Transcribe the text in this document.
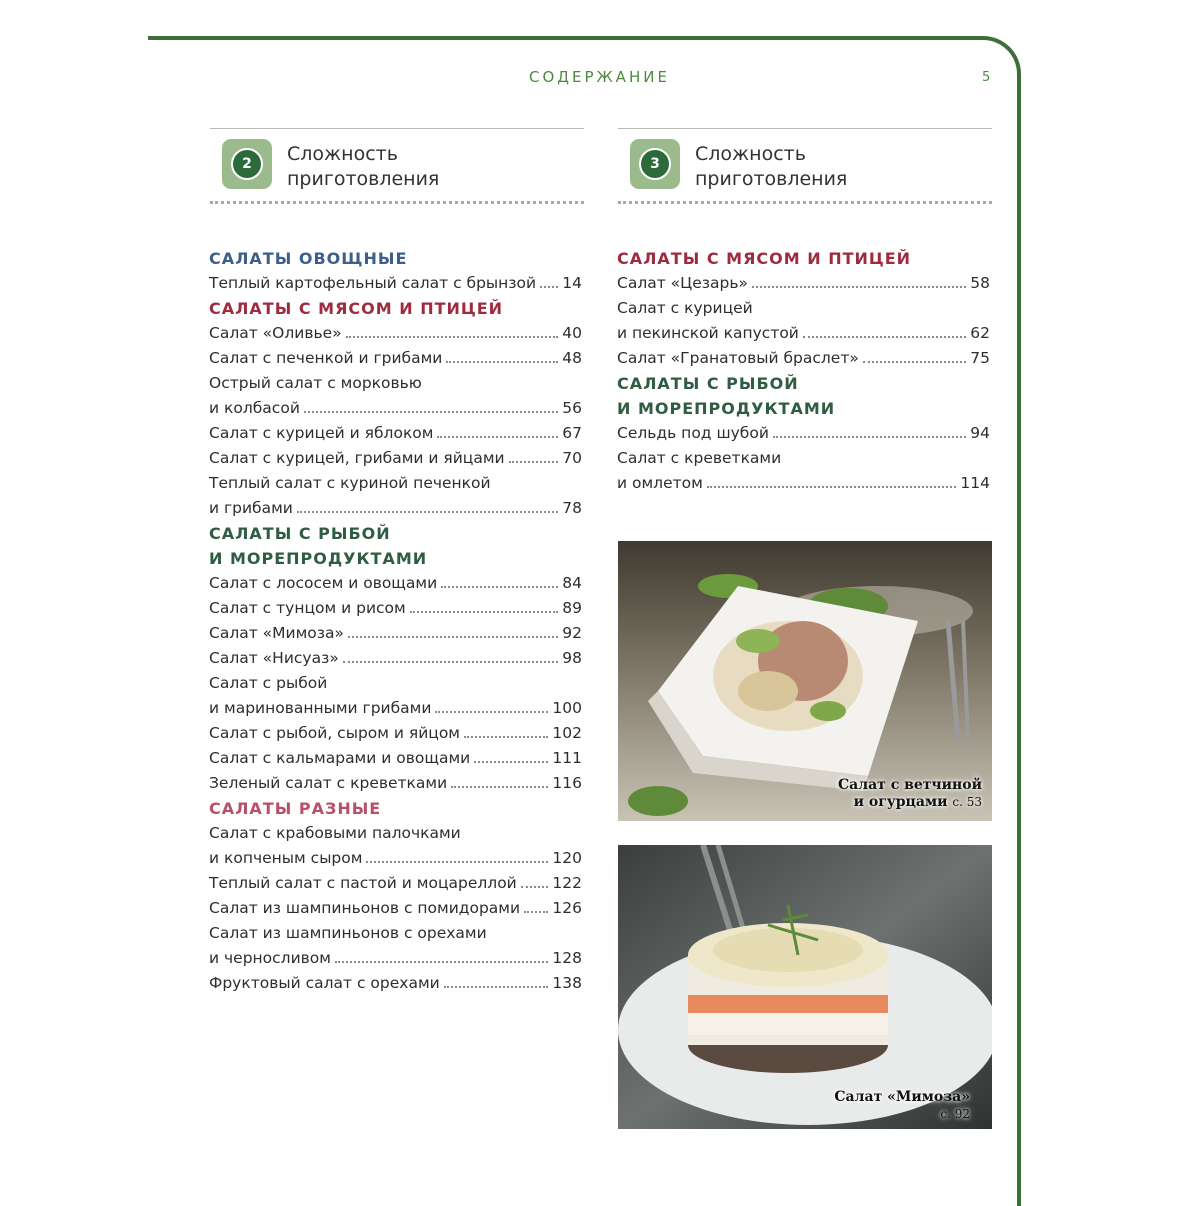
СОДЕРЖАНИЕ	5
2	Сложность
приготовления
3	Сложность
приготовления
САЛАТЫ ОВОЩНЫЕ
Теплый картофельный салат с брынзой 14
САЛАТЫ С МЯСОМ И ПТИЦЕЙ
Салат «Оливье»	40
Салат с печенкой и грибами	48
Острый салат с морковью
и колбасой	56
Салат с курицей и яблоком	67
Салат с курицей, грибами и яйцами	70
Теплый салат с куриной печенкой
и грибами	78
САЛАТЫ С РЫБОЙ
И МОРЕПРОДУКТАМИ
Салат с лососем и овощами	84
Салат с тунцом и рисом	89
Салат «Мимоза»	92
Салат «Нисуаз»	98
Салат с рыбой
и маринованными грибами	100
Салат с рыбой, сыром и яйцом	102
Салат с кальмарами и овощами	111
Зеленый салат с креветками	116
САЛАТЫ РАЗНЫЕ
Салат с крабовыми палочками
и копченым сыром	120
Теплый салат с пастой и моцареллой 122
Салат из шампиньонов с помидорами 126
Салат из шампиньонов с орехами
и черносливом	128
Фруктовый салат с орехами	138
САЛАТЫ С МЯСОМ И ПТИЦЕЙ
Салат «Цезарь»	58
Салат с курицей
и пекинской капустой	62
Салат «Гранатовый браслет»	75
САЛАТЫ С РЫБОЙ
И МОРЕПРОДУКТАМИ
Сельдь под шубой	94
Салат с креветками
и омлетом	114
Салат с ветчиной
и огурцами с. 53
Салат «Мимоза»
с. 92
